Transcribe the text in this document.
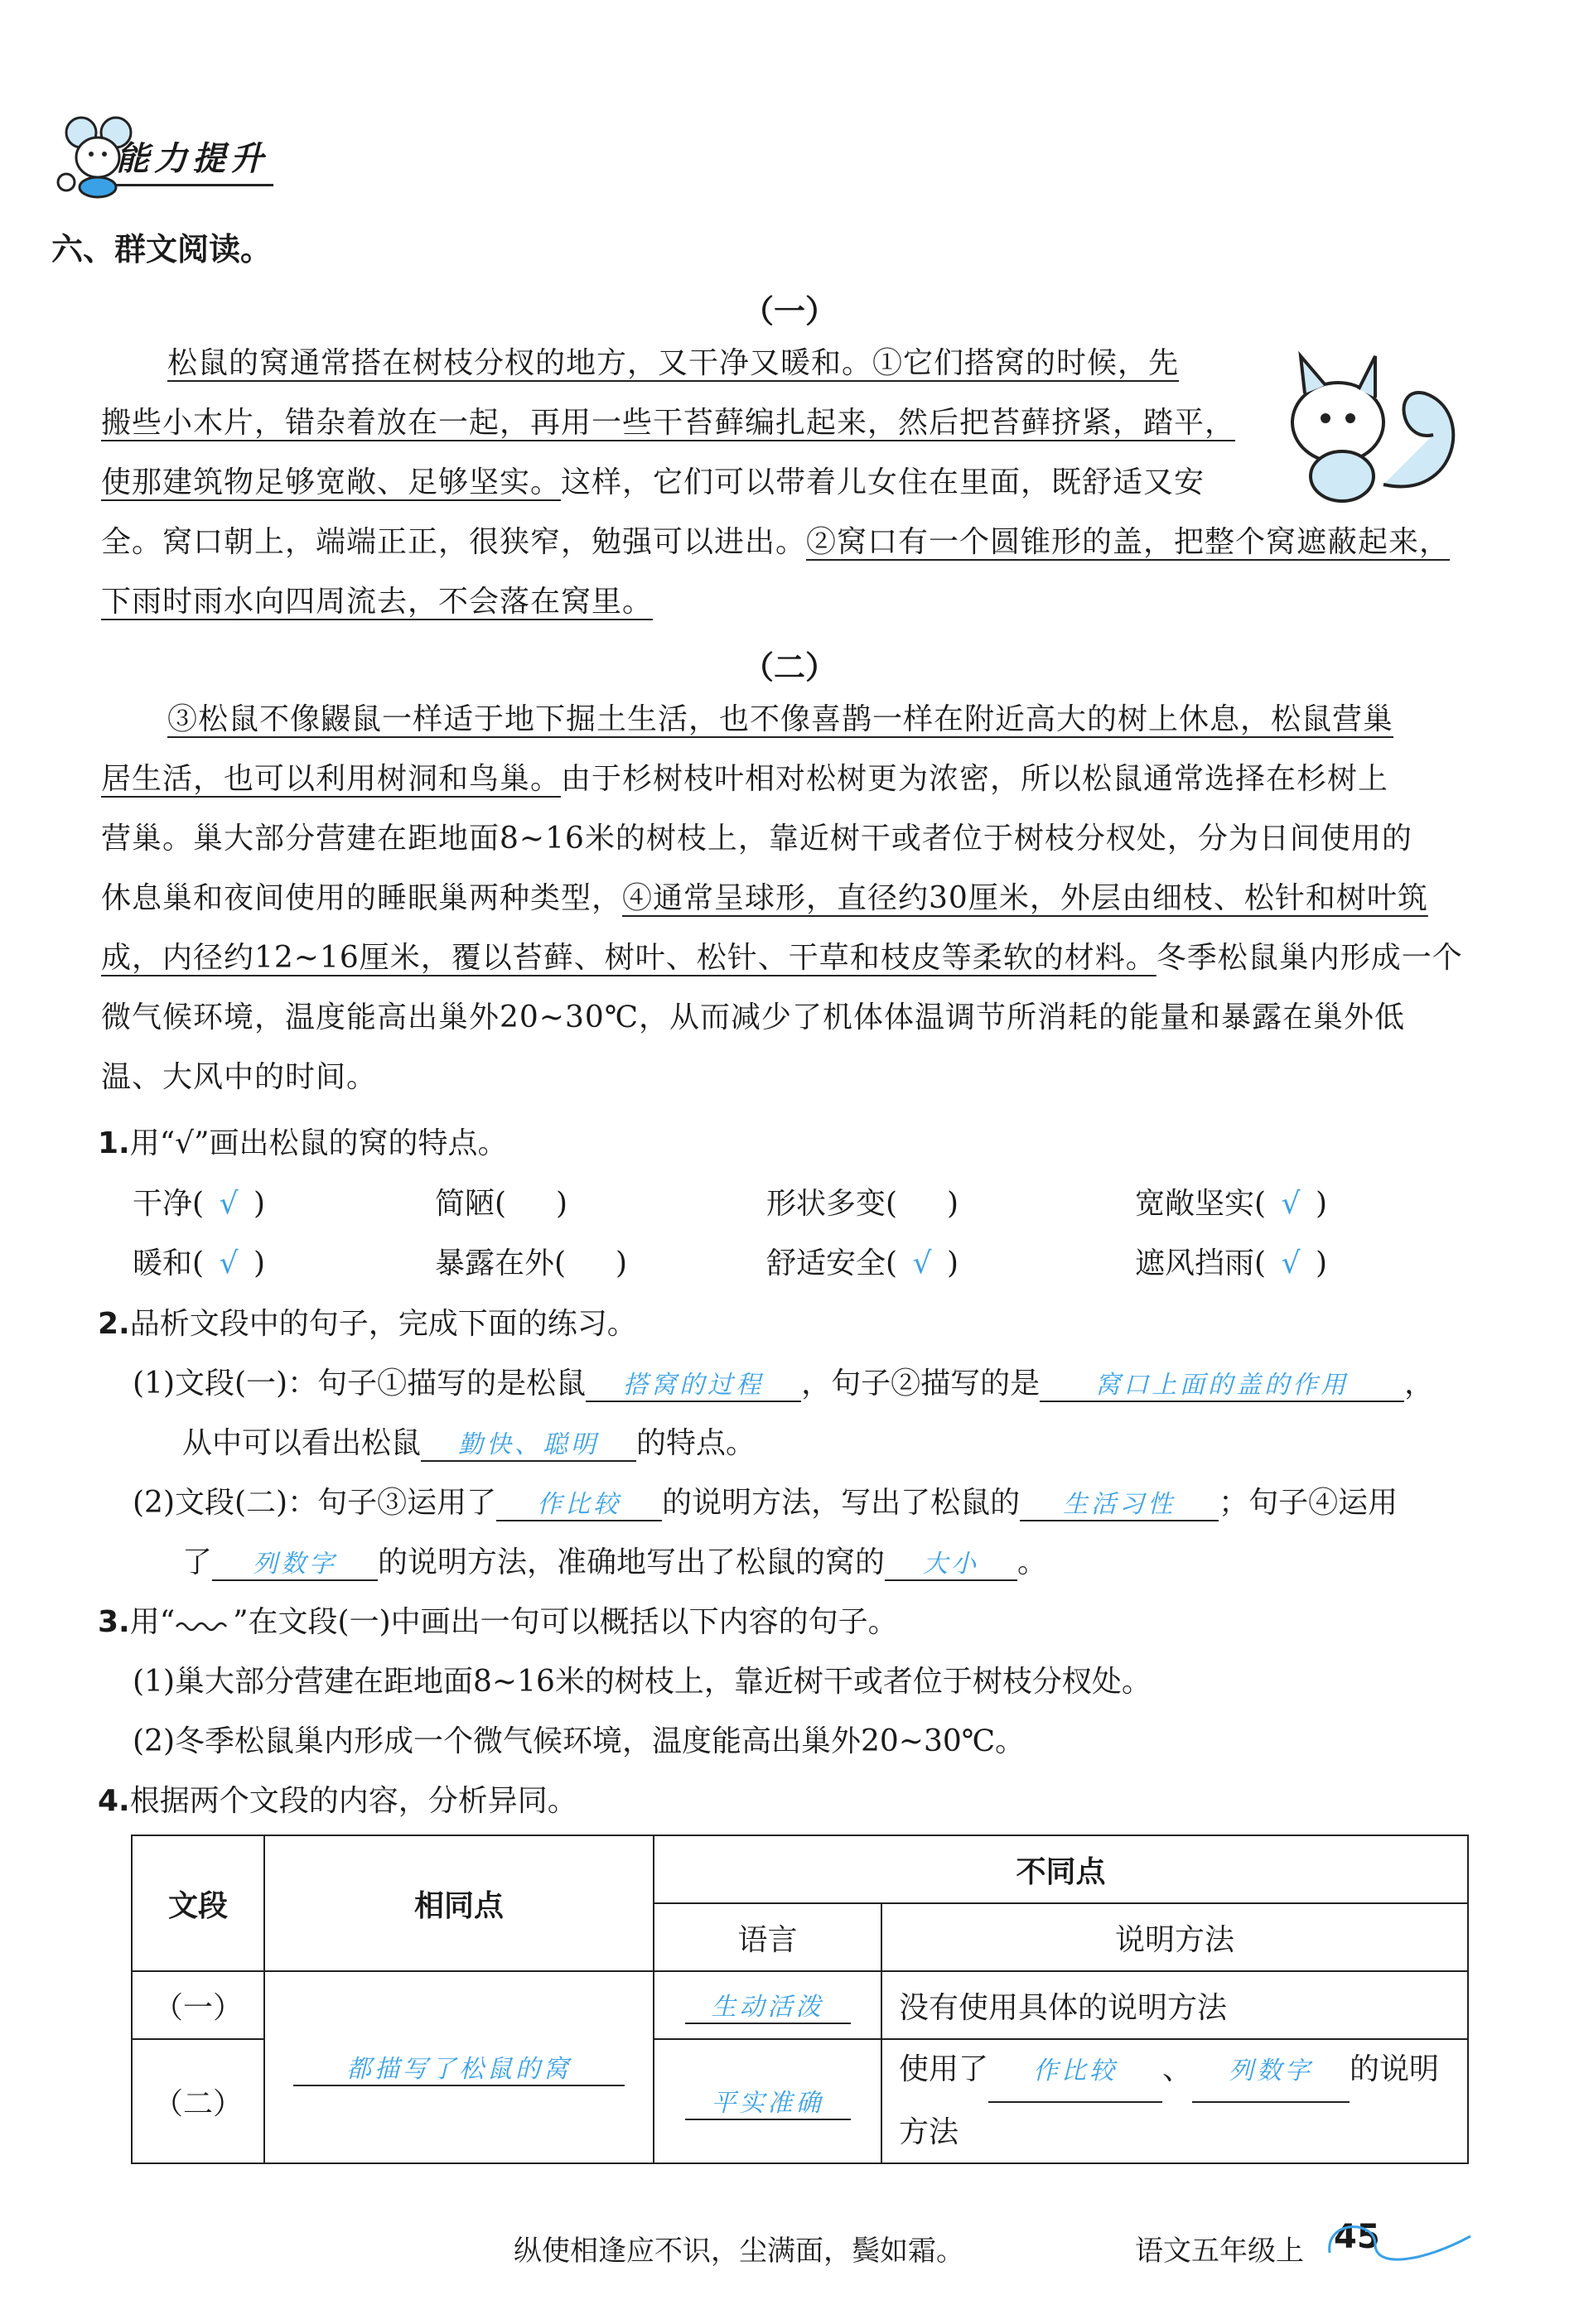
能力提升
六、群文阅读。
（一）
松鼠的窝通常搭在树枝分杈的地方，又干净又暖和。①它们搭窝的时候，先
搬些小木片，错杂着放在一起，再用一些干苔藓编扎起来，然后把苔藓挤紧，踏平，
使那建筑物足够宽敞、足够坚实。这样，它们可以带着儿女住在里面，既舒适又安
全。窝口朝上，端端正正，很狭窄，勉强可以进出。②窝口有一个圆锥形的盖，把整个窝遮蔽起来，
下雨时雨水向四周流去，不会落在窝里。
（二）
③松鼠不像鼹鼠一样适于地下掘土生活，也不像喜鹊一样在附近高大的树上休息，松鼠营巢
居生活，也可以利用树洞和鸟巢。由于杉树枝叶相对松树更为浓密，所以松鼠通常选择在杉树上
营巢。巢大部分营建在距地面8~16米的树枝上，靠近树干或者位于树枝分杈处，分为日间使用的
休息巢和夜间使用的睡眠巢两种类型，④通常呈球形，直径约30厘米，外层由细枝、松针和树叶筑
成，内径约12~16厘米，覆以苔藓、树叶、松针、干草和枝皮等柔软的材料。冬季松鼠巢内形成一个
微气候环境，温度能高出巢外20~30℃，从而减少了机体体温调节所消耗的能量和暴露在巢外低
温、大风中的时间。
1.用“√”画出松鼠的窝的特点。
干净( √ )	简陋( )	形状多变( )	宽敞坚实( √ )
暖和( √ )	暴露在外( )	舒适安全( √ )	遮风挡雨( √ )
2.品析文段中的句子，完成下面的练习。
(1)文段(一)：句子①描写的是松鼠 搭窝的过程 ，句子②描写的是 窝口上面的盖的作用 ，
从中可以看出松鼠 勤快、聪明 的特点。
(2)文段(二)：句子③运用了 作比较 的说明方法，写出了松鼠的 生活习性 ；句子④运用
了 列数字 的说明方法，准确地写出了松鼠的窝的 大小 。
3.用“ ”在文段(一)中画出一句可以概括以下内容的句子。
(1)巢大部分营建在距地面8~16米的树枝上，靠近树干或者位于树枝分杈处。
(2)冬季松鼠巢内形成一个微气候环境，温度能高出巢外20~30℃。
4.根据两个文段的内容，分析异同。
文段	相同点	不同点	
		语言	说明方法
（一）	都描写了松鼠的窝	生动活泼	没有使用具体的说明方法
（二）		平实准确	使用了 作比较 、 列数字 的说明
方法
纵使相逢应不识，尘满面，鬓如霜。	语文五年级上 45
